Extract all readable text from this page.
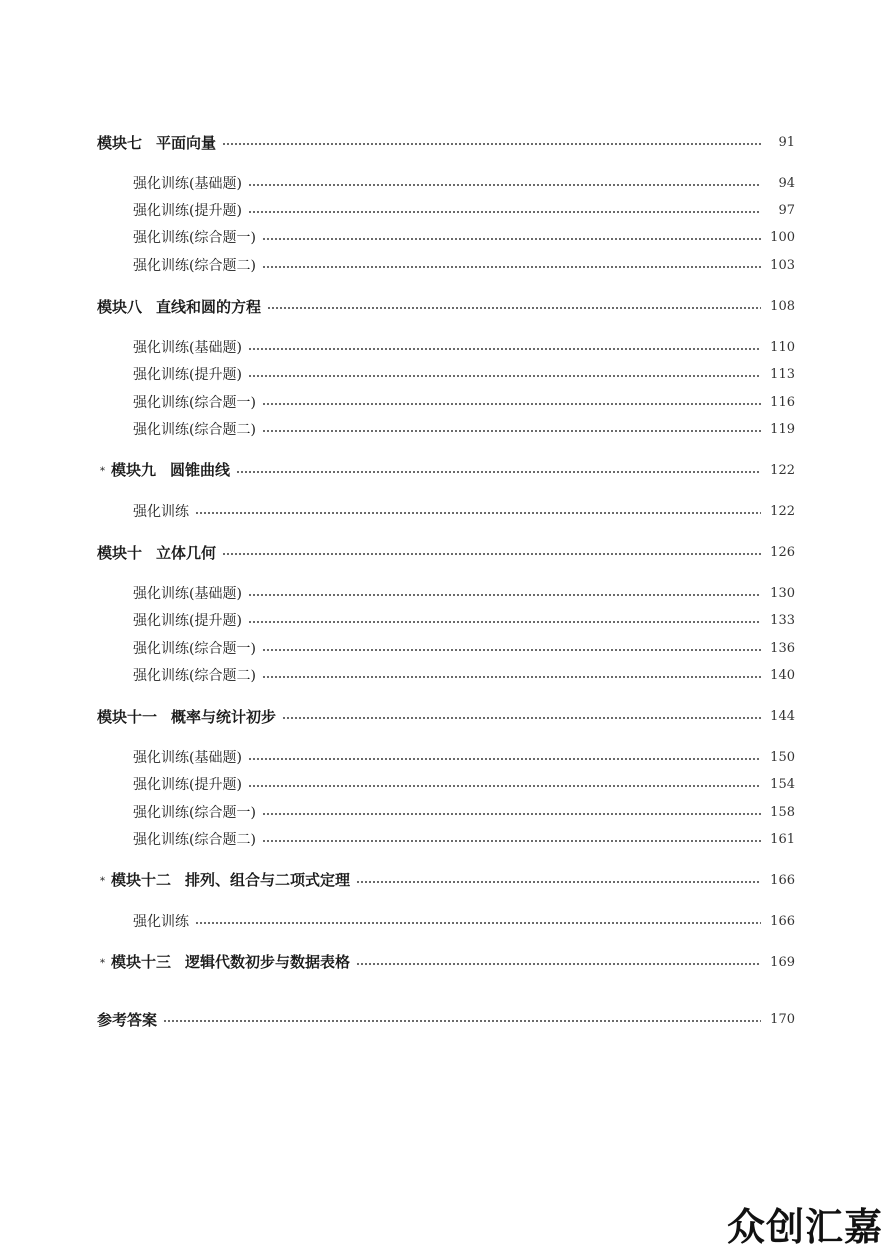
模块七 平面向量	91
强化训练(基础题)	94
强化训练(提升题)	97
强化训练(综合题一)	100
强化训练(综合题二)	103
模块八 直线和圆的方程	108
强化训练(基础题)	110
强化训练(提升题)	113
强化训练(综合题一)	116
强化训练(综合题二)	119
* 模块九 圆锥曲线	122
强化训练	122
模块十 立体几何	126
强化训练(基础题)	130
强化训练(提升题)	133
强化训练(综合题一)	136
强化训练(综合题二)	140
模块十一 概率与统计初步	144
强化训练(基础题)	150
强化训练(提升题)	154
强化训练(综合题一)	158
强化训练(综合题二)	161
* 模块十二 排列、组合与二项式定理	166
强化训练	166
* 模块十三 逻辑代数初步与数据表格	169
参考答案	170
众创汇嘉
